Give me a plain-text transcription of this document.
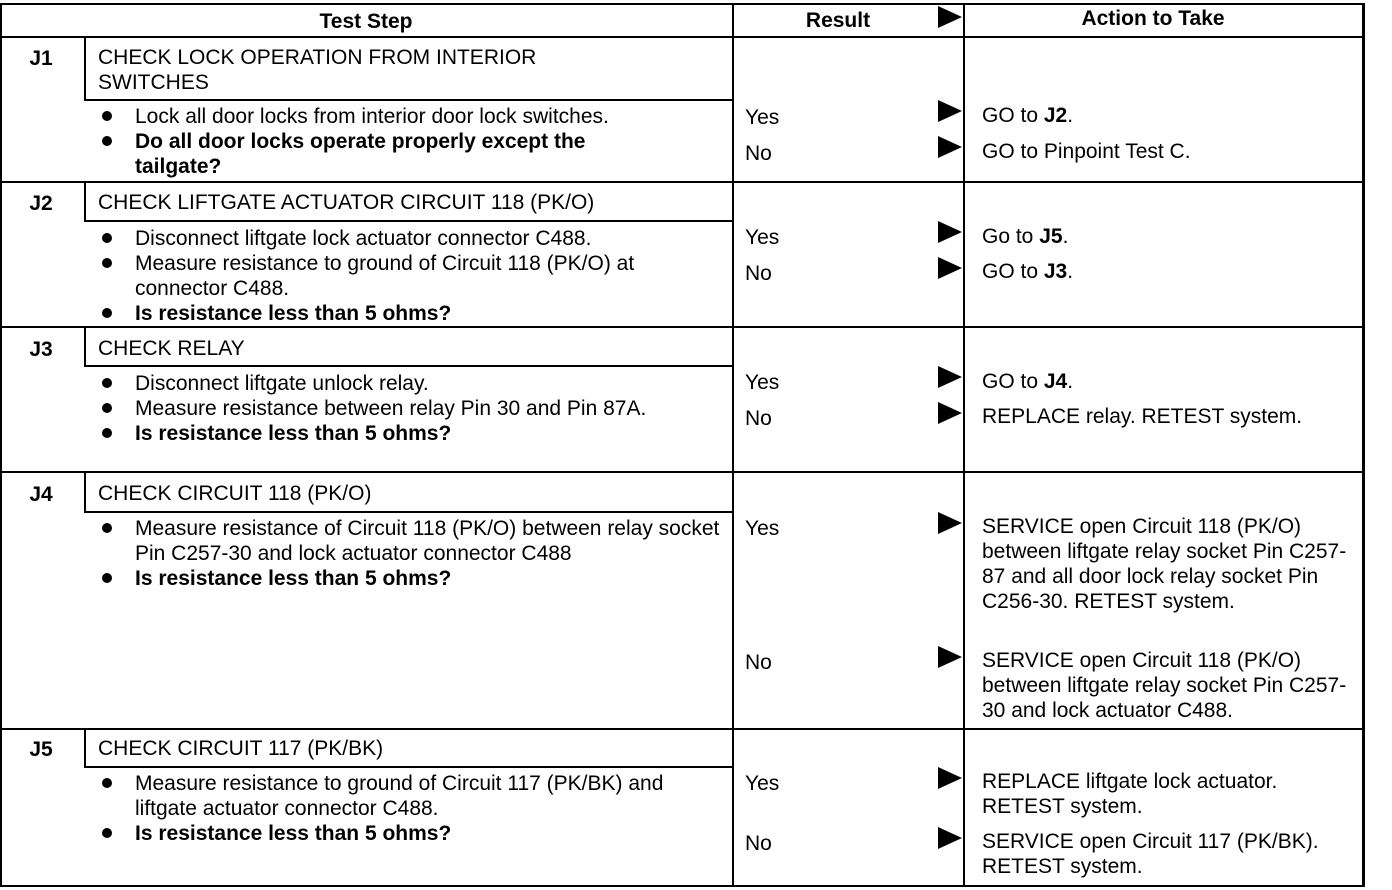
Test Step	Result	Action to Take
J1	CHECK LOCK OPERATION FROM INTERIOR
SWITCHES
Lock all door locks from interior door lock switches.
Do all door locks operate properly except the tailgate?
Yes	GO to J2.
No	GO to Pinpoint Test C.
J2	CHECK LIFTGATE ACTUATOR CIRCUIT 118 (PK/O)
Disconnect liftgate lock actuator connector C488.
Measure resistance to ground of Circuit 118 (PK/O) at connector C488.
Is resistance less than 5 ohms?
Yes	Go to J5.
No	GO to J3.
J3	CHECK RELAY
Disconnect liftgate unlock relay.
Measure resistance between relay Pin 30 and Pin 87A.
Is resistance less than 5 ohms?
Yes	GO to J4.
No	REPLACE relay. RETEST system.
J4	CHECK CIRCUIT 118 (PK/O)
Measure resistance of Circuit 118 (PK/O) between relay socket Pin C257-30 and lock actuator connector C488
Is resistance less than 5 ohms?
Yes	SERVICE open Circuit 118 (PK/O) between liftgate relay socket Pin C257-87 and all door lock relay socket Pin C256-30. RETEST system.
No	SERVICE open Circuit 118 (PK/O) between liftgate relay socket Pin C257-30 and lock actuator C488.
J5	CHECK CIRCUIT 117 (PK/BK)
Measure resistance to ground of Circuit 117 (PK/BK) and liftgate actuator connector C488.
Is resistance less than 5 ohms?
Yes	REPLACE liftgate lock actuator. RETEST system.
No	SERVICE open Circuit 117 (PK/BK). RETEST system.
